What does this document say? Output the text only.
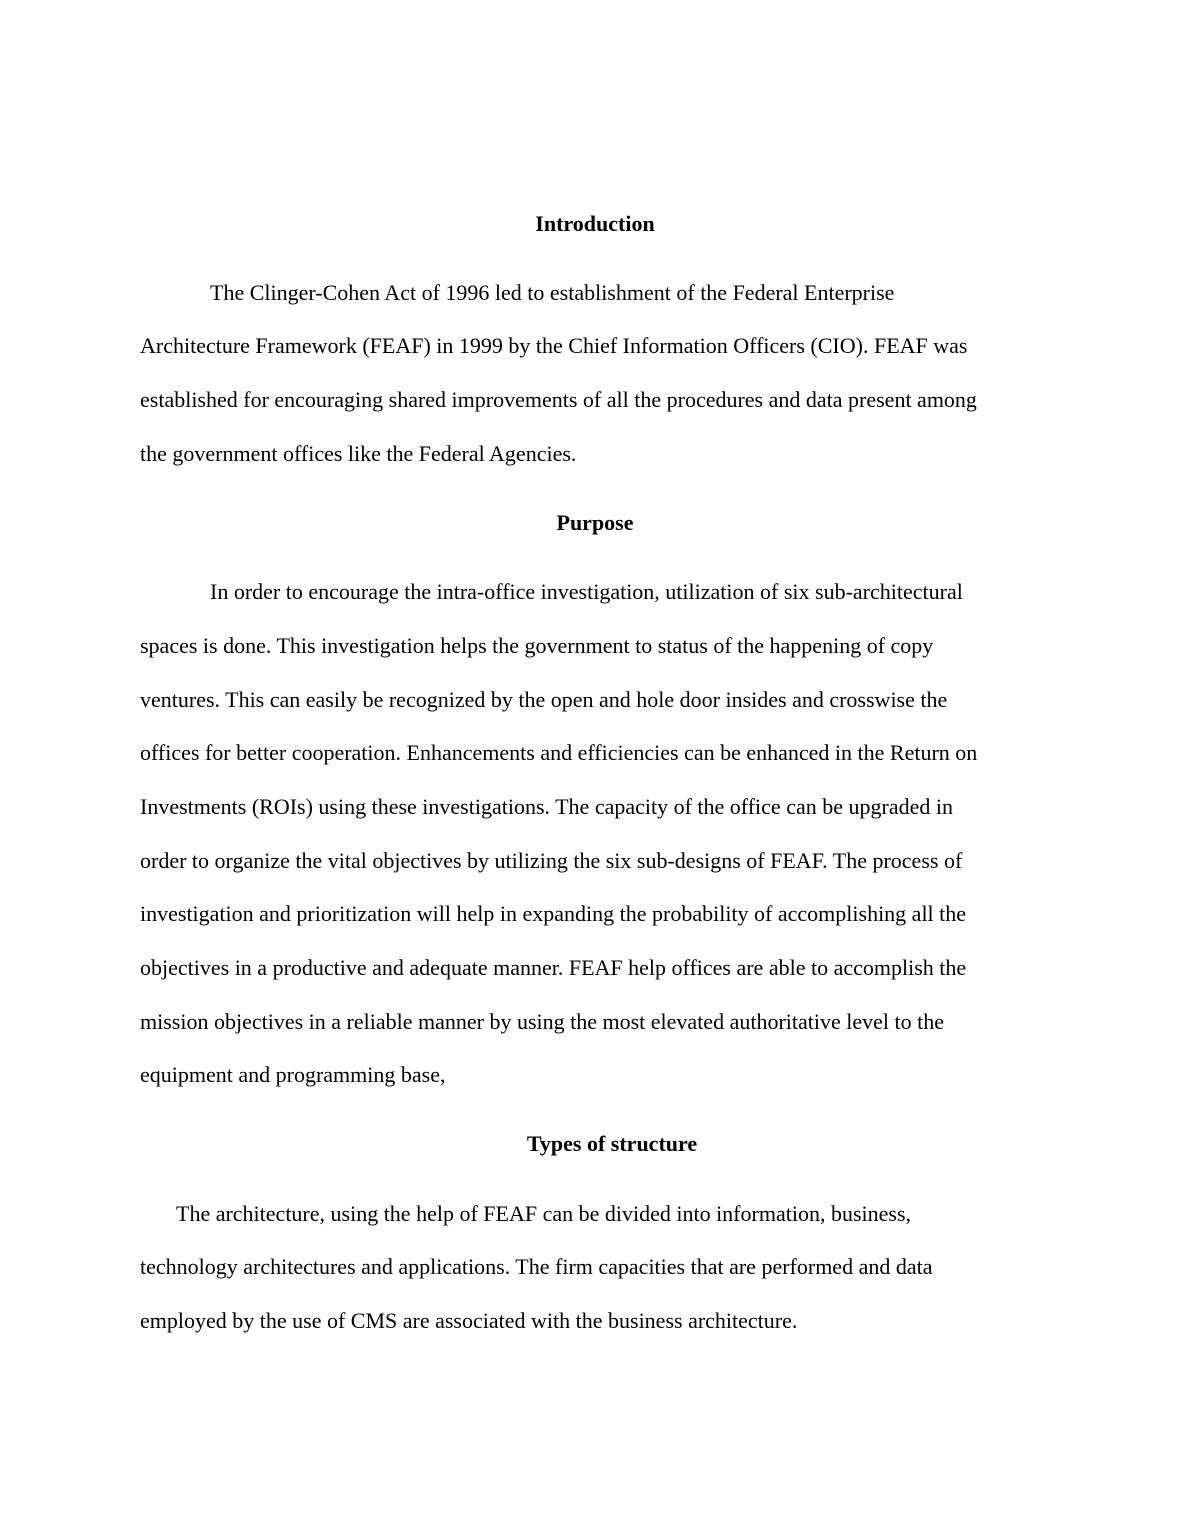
Introduction

The Clinger-Cohen Act of 1996 led to establishment of the Federal Enterprise

Architecture Framework (FEAF) in 1999 by the Chief Information Officers (CIO). FEAF was

established for encouraging shared improvements of all the procedures and data present among

the government offices like the Federal Agencies.

Purpose

In order to encourage the intra-office investigation, utilization of six sub-architectural

spaces is done. This investigation helps the government to status of the happening of copy

ventures. This can easily be recognized by the open and hole door insides and crosswise the

offices for better cooperation. Enhancements and efficiencies can be enhanced in the Return on

Investments (ROIs) using these investigations. The capacity of the office can be upgraded in

order to organize the vital objectives by utilizing the six sub-designs of FEAF. The process of

investigation and prioritization will help in expanding the probability of accomplishing all the

objectives in a productive and adequate manner. FEAF help offices are able to accomplish the

mission objectives in a reliable manner by using the most elevated authoritative level to the

equipment and programming base,

Types of structure

The architecture, using the help of FEAF can be divided into information, business,

technology architectures and applications. The firm capacities that are performed and data

employed by the use of CMS are associated with the business architecture.
